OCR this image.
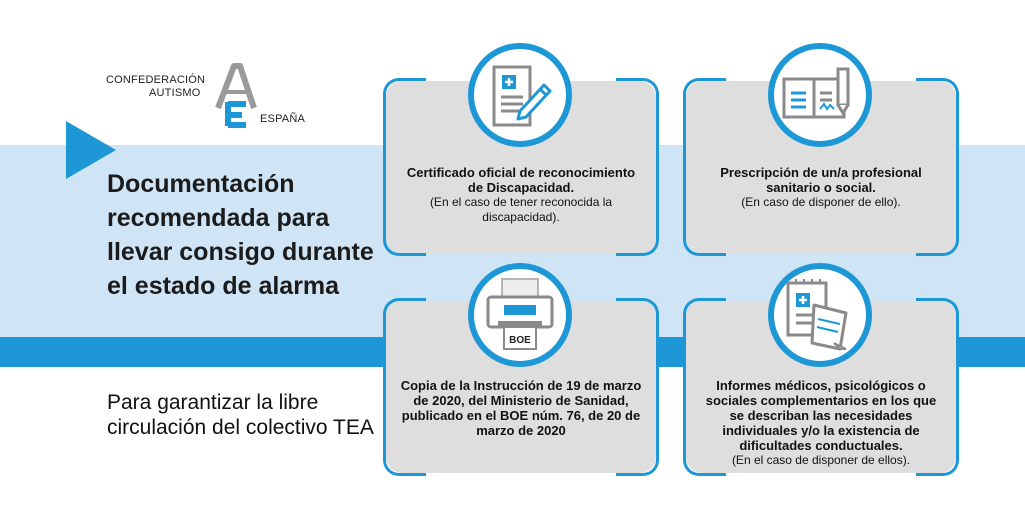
CONFEDERACIÓN
AUTISMO
ESPAÑA

Documentación recomendada para llevar consigo durante el estado de alarma

Para garantizar la libre circulación del colectivo TEA

Certificado oficial de reconocimiento de Discapacidad.
(En el caso de tener reconocida la discapacidad).
Prescripción de un/a profesional sanitario o social.
(En caso de disponer de ello).
Copia de la Instrucción de 19 de marzo de 2020, del Ministerio de Sanidad, publicado en el BOE núm. 76, de 20 de marzo de 2020
Informes médicos, psicológicos o sociales complementarios en los que se describan las necesidades individuales y/o la existencia de dificultades conductuales.
(En el caso de disponer de ellos).
BOE
